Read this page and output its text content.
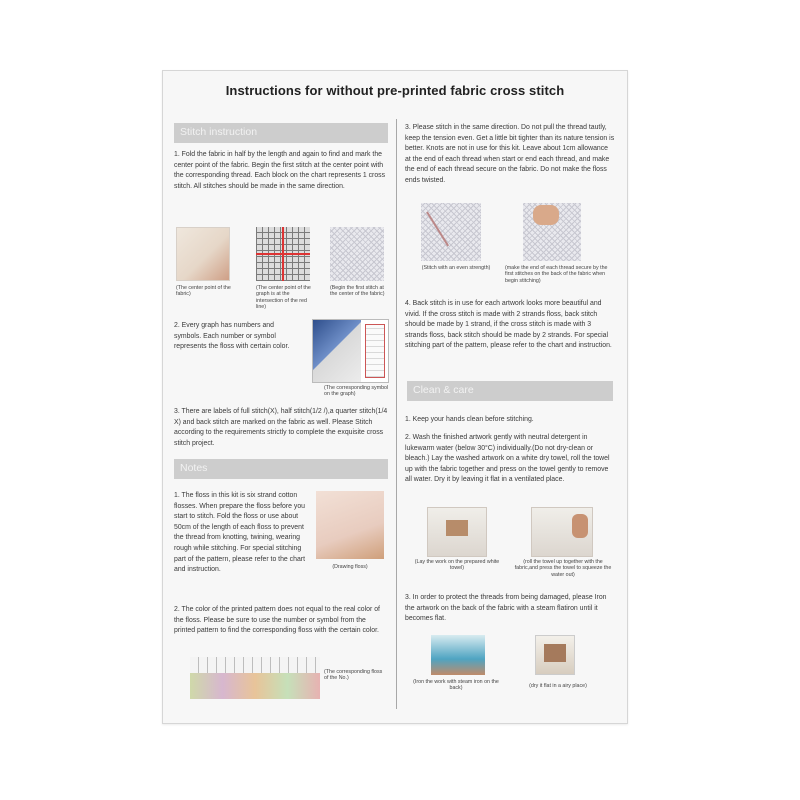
Instructions for without pre-printed fabric cross stitch
Stitch instruction

1. Fold the fabric in half by the length and again to find and mark the center point of the fabric. Begin the first stitch at the center point with the corresponding thread. Each block on the chart represents 1 cross stitch. All stitches should be made in the same direction.

(The center point of the fabric)
(The center point of the graph is at the intersection of the red line)
(Begin the first stitch at the center of the fabric)

2. Every graph has numbers and symbols. Each number or symbol represents the floss with certain color.

(The corresponding symbol on the graph)

3. There are labels of full stitch(X), half stitch(1/2 /),a quarter stitch(1/4 X) and back stitch are marked on the fabric as well. Please Stitch according to the requirements strictly to complete the exquisite cross stitch project.

Notes

1. The floss in this kit is six strand cotton flosses. When prepare the floss before you start to stitch. Fold the floss or use about 50cm of the length of each floss to prevent the thread from knotting, twining, wearing rough while stitching. For special stitching part of the pattern, please refer to the chart and instruction.	(Drawing floss)

2. The color of the printed pattern does not equal to the real color of the floss. Please be sure to use the number or symbol from the printed pattern to find the corresponding floss with the certain color.

(The corresponding floss of the No.)

3. Please stitch in the same direction. Do not pull the thread tautly, keep the tension even. Get a little bit tighter than its nature tension is better. Knots are not in use for this kit. Leave about 1cm allowance at the end of each thread when start or end each thread, and make the end of each thread secure on the fabric. Do not make the floss ends twisted.

(Stitch with an even strength)	(make the end of each thread secure by the first stitches on the back of the fabric when begin stitching)

4. Back stitch is in use for each artwork looks more beautiful and vivid. If the cross stitch is made with 2 strands floss, back stitch should be made by 1 strand, if the cross stitch is made with 3 strands floss, back stitch should be made by 2 strands. For special stitching part of the pattern, please refer to the chart and instruction.

Clean & care

1. Keep your hands clean before stitching.

2. Wash the finished artwork gently with neutral detergent in lukewarm water (below 30°C) individually.(Do not dry-clean or bleach.) Lay the washed artwork on a white dry towel, roll the towel up with the fabric together and press on the towel gently to remove all water. Dry it by leaving it flat in a ventilated place.

(Lay the work on the prepared white towel)
(roll the towel up together with the fabric,and press the towel to squeeze the water out)

3. In order to protect the threads from being damaged, please Iron the artwork on the back of the fabric with a steam flatiron until it becomes flat.

(Iron the work with steam iron on the back)	(dry it flat in a airy place)
